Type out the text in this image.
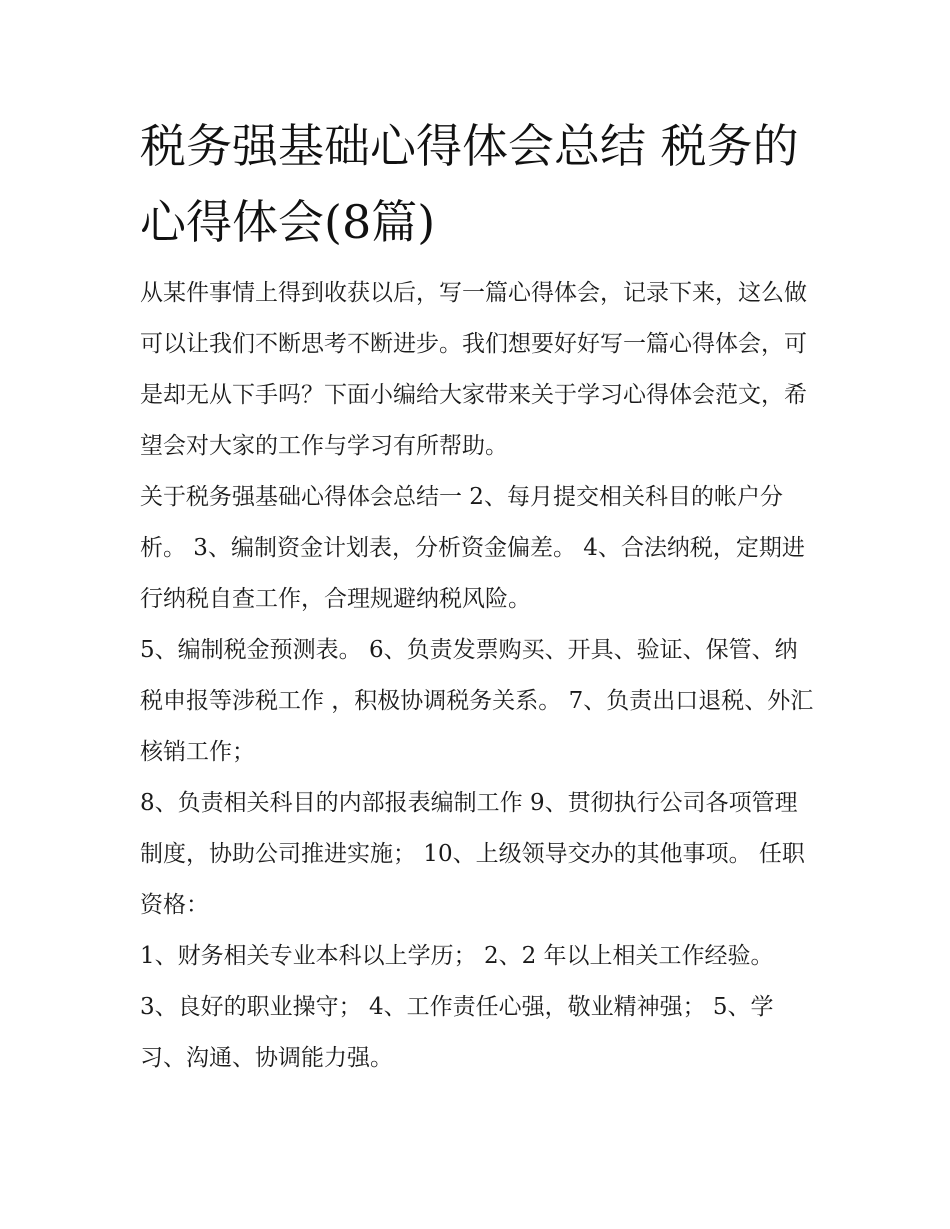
税务强基础心得体会总结 税务的心得体会(8篇)

从某件事情上得到收获以后，写一篇心得体会，记录下来，这么做可以让我们不断思考不断进步。我们想要好好写一篇心得体会，可是却无从下手吗？下面小编给大家带来关于学习心得体会范文，希望会对大家的工作与学习有所帮助。

关于税务强基础心得体会总结一 2、每月提交相关科目的帐户分析。 3、编制资金计划表，分析资金偏差。 4、合法纳税，定期进行纳税自查工作，合理规避纳税风险。

5、编制税金预测表。 6、负责发票购买、开具、验证、保管、纳税申报等涉税工作 ，积极协调税务关系。 7、负责出口退税、外汇核销工作；

8、负责相关科目的内部报表编制工作 9、贯彻执行公司各项管理制度，协助公司推进实施； 10、上级领导交办的其他事项。 任职资格：

1、财务相关专业本科以上学历； 2、2 年以上相关工作经验。

3、良好的职业操守； 4、工作责任心强，敬业精神强； 5、学习、沟通、协调能力强。
